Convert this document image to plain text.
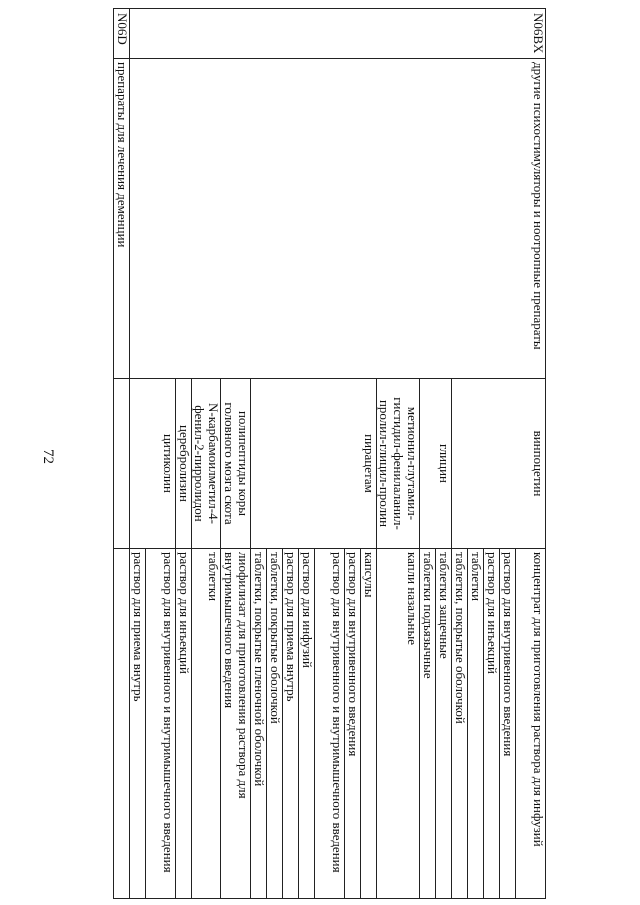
72
N06BX	другие психостимуляторы и ноотропные препараты	винпоцетин	концентрат для приготовления раствора для инфузий
			раствор для внутривенного введения
			раствор для инъекций
			таблетки
			таблетки, покрытые оболочкой
		глицин	таблетки защечные
			таблетки подъязычные
		метионил-глутамил-гистидил-фенилаланил-пролил-глицил-пролин	капли назальные
		пирацетам	капсулы
			раствор для внутривенного введения
			раствор для внутривенного и внутримышечного введения
			раствор для инфузий
			раствор для приема внутрь
			таблетки, покрытые оболочкой
			таблетки, покрытые пленочной оболочкой
		полипептиды коры головного мозга скота	лиофилизат для приготовления раствора для внутримышечного введения
		N-карбамоилметил-4-фенил-2-пирролидон	таблетки
		церебролизин	раствор для инъекций
		цитиколин	раствор для внутривенного и внутримышечного введения
			раствор для приема внутрь
N06D	препараты для лечения деменции		
